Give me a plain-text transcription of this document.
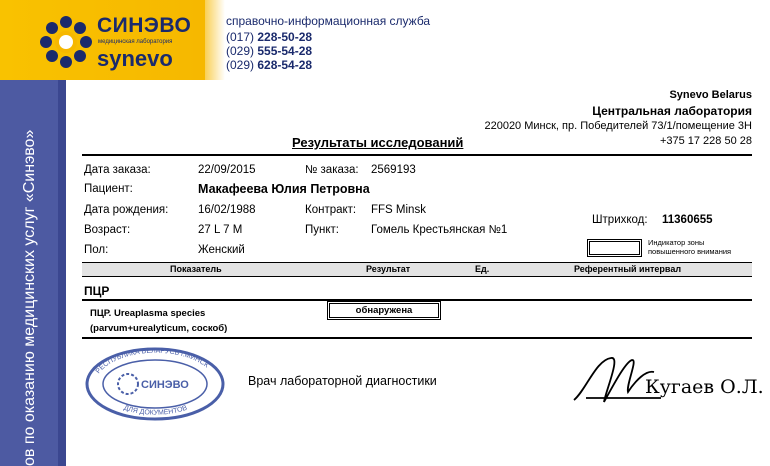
СИНЭВО
медицинская лаборатория
synevo
справочно-информационная служба
(017) 228-50-28
(029) 555-54-28
(029) 628-54-28
ов по оказанию медицинских услуг «Синэво»
Synevo Belarus
Центральная лаборатория
220020 Минск, пр. Победителей 73/1/помещение 3Н
+375 17 228 50 28
Результаты исследований
Дата заказа:	22/09/2015	№ заказа: 2569193
Пациент:	Макафеева Юлия Петровна
Дата рождения:	16/02/1988	Контракт: FFS Minsk
Штрихкод: 11360655
Возраст:	27 L 7 M	Пункт:	Гомель Крестьянская №1
Пол:	Женский
Индикатор зоны
повышенного внимания
Показатель	Результат	Ед.	Референтный интервал
ПЦР
ПЦР. Ureaplasma species
(parvum+urealyticum, соскоб)
обнаружена
РЕСПУБЛИКА БЕЛАРУСЬ г.МИНСК
ДЛЯ ДОКУМЕНТОВ
СИНЭВО	Врач лабораторной диагностики	Кугаев О.Л.
